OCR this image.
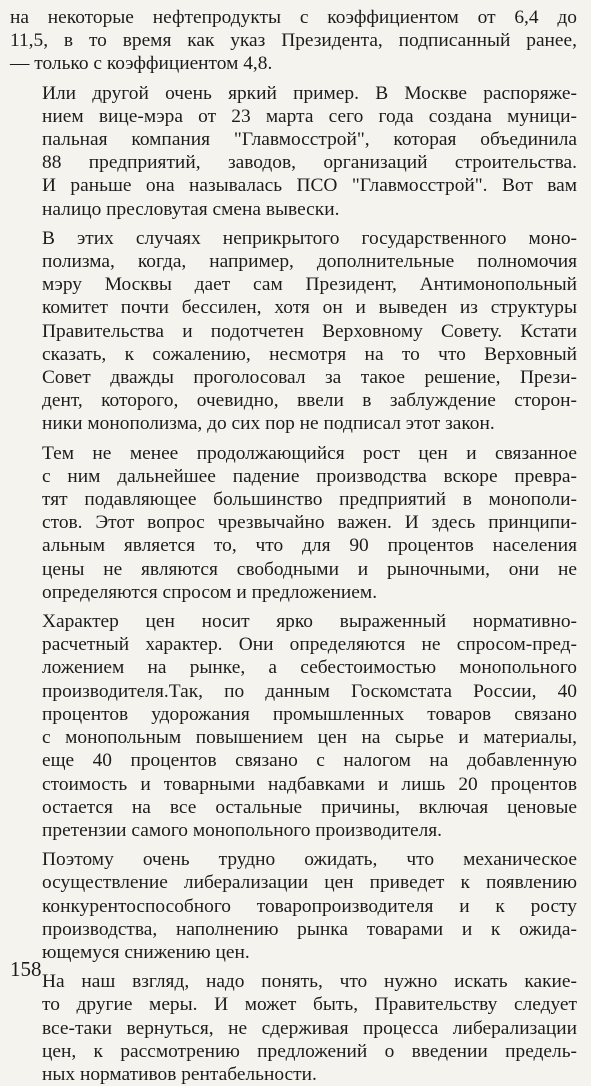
на некоторые нефтепродукты с коэффициентом от 6,4 до
11,5, в то время как указ Президента, подписанный ранее,
— только с коэффициентом 4,8.

Или другой очень яркий пример. В Москве распоряже-
нием вице-мэра от 23 марта сего года создана муници-
пальная компания "Главмосстрой", которая объединила
88 предприятий, заводов, организаций строительства.
И раньше она называлась ПСО "Главмосстрой". Вот вам
налицо пресловутая смена вывески.

В этих случаях неприкрытого государственного моно-
полизма, когда, например, дополнительные полномочия
мэру Москвы дает сам Президент, Антимонопольный
комитет почти бессилен, хотя он и выведен из структуры
Правительства и подотчетен Верховному Совету. Кстати
сказать, к сожалению, несмотря на то что Верховный
Совет дважды проголосовал за такое решение, Прези-
дент, которого, очевидно, ввели в заблуждение сторон-
ники монополизма, до сих пор не подписал этот закон.

Тем не менее продолжающийся рост цен и связанное
с ним дальнейшее падение производства вскоре превра-
тят подавляющее большинство предприятий в монополи-
стов. Этот вопрос чрезвычайно важен. И здесь принципи-
альным является то, что для 90 процентов населения
цены не являются свободными и рыночными, они не
определяются спросом и предложением.

Характер цен носит ярко выраженный нормативно-
расчетный характер. Они определяются не спросом-пред-
ложением на рынке, а себестоимостью монопольного
производителя.Так, по данным Госкомстата России, 40
процентов удорожания промышленных товаров связано
с монопольным повышением цен на сырье и материалы,
еще 40 процентов связано с налогом на добавленную
стоимость и товарными надбавками и лишь 20 процентов
остается на все остальные причины, включая ценовые
претензии самого монопольного производителя.

Поэтому очень трудно ожидать, что механическое
осуществление либерализации цен приведет к появлению
конкурентоспособного товаропроизводителя и к росту
производства, наполнению рынка товарами и к ожида-
ющемуся снижению цен.

На наш взгляд, надо понять, что нужно искать какие-
то другие меры. И может быть, Правительству следует
все-таки вернуться, не сдерживая процесса либерализации
цен, к рассмотрению предложений о введении предель-
ных нормативов рентабельности.

158
